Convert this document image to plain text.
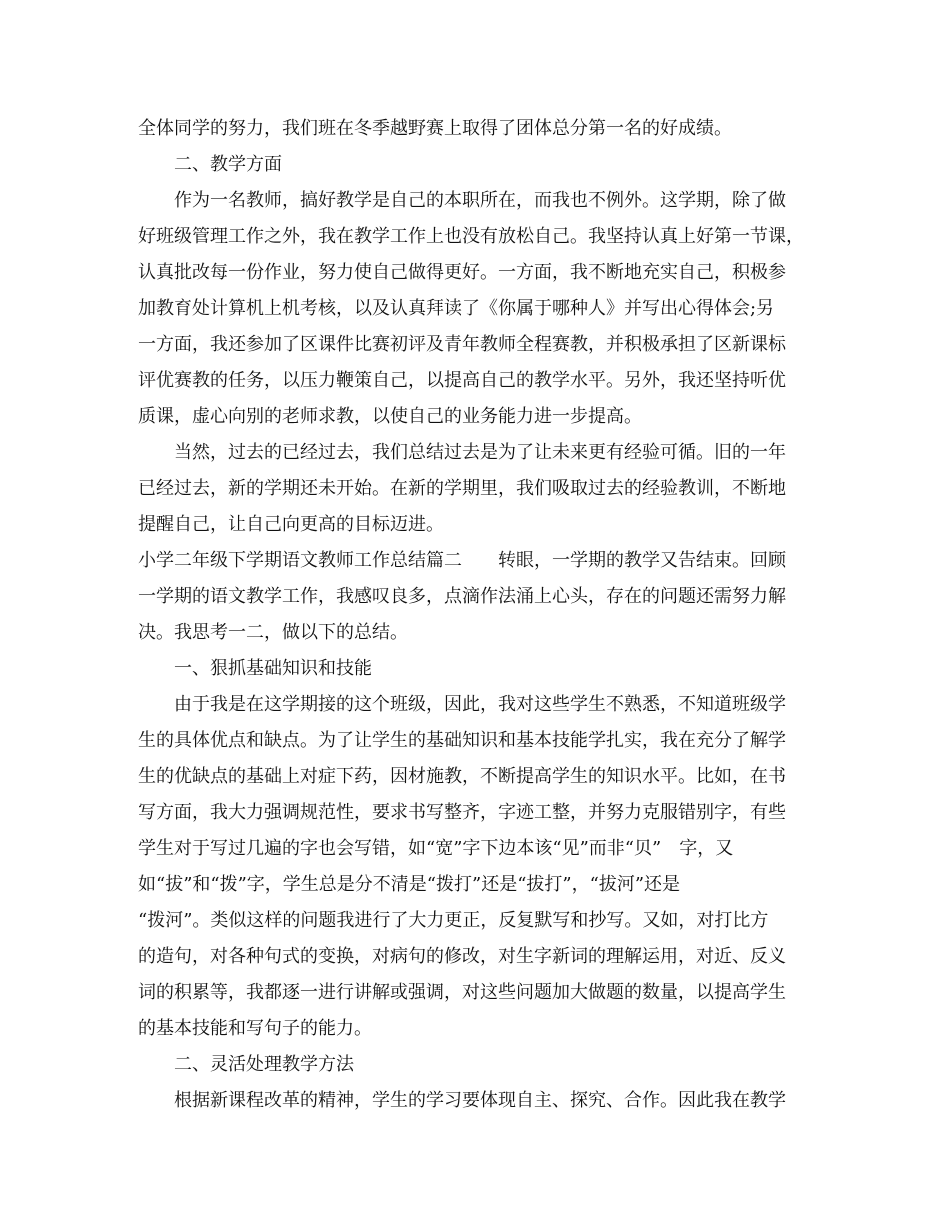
全体同学的努力，我们班在冬季越野赛上取得了团体总分第一名的好成绩。
二、教学方面
作为一名教师，搞好教学是自己的本职所在，而我也不例外。这学期，除了做
好班级管理工作之外，我在教学工作上也没有放松自己。我坚持认真上好第一节课，
认真批改每一份作业，努力使自己做得更好。一方面，我不断地充实自己，积极参
加教育处计算机上机考核，以及认真拜读了《你属于哪种人》并写出心得体会;另
一方面，我还参加了区课件比赛初评及青年教师全程赛教，并积极承担了区新课标
评优赛教的任务，以压力鞭策自己，以提高自己的教学水平。另外，我还坚持听优
质课，虚心向别的老师求教，以使自己的业务能力进一步提高。
当然，过去的已经过去，我们总结过去是为了让未来更有经验可循。旧的一年
已经过去，新的学期还未开始。在新的学期里，我们吸取过去的经验教训，不断地
提醒自己，让自己向更高的目标迈进。
小学二年级下学期语文教师工作总结篇二　　转眼，一学期的教学又告结束。回顾
一学期的语文教学工作，我感叹良多，点滴作法涌上心头，存在的问题还需努力解
决。我思考一二，做以下的总结。
一、狠抓基础知识和技能
由于我是在这学期接的这个班级，因此，我对这些学生不熟悉，不知道班级学
生的具体优点和缺点。为了让学生的基础知识和基本技能学扎实，我在充分了解学
生的优缺点的基础上对症下药，因材施教，不断提高学生的知识水平。比如，在书
写方面，我大力强调规范性，要求书写整齐，字迹工整，并努力克服错别字，有些
学生对于写过几遍的字也会写错，如“宽”字下边本该“见”而非“贝”　字，又
如“拔”和“拨”字，学生总是分不清是“拨打”还是“拔打”，“拔河”还是
“拨河”。类似这样的问题我进行了大力更正，反复默写和抄写。又如，对打比方
的造句，对各种句式的变换，对病句的修改，对生字新词的理解运用，对近、反义
词的积累等，我都逐一进行讲解或强调，对这些问题加大做题的数量，以提高学生
的基本技能和写句子的能力。
二、灵活处理教学方法
根据新课程改革的精神，学生的学习要体现自主、探究、合作。因此我在教学
